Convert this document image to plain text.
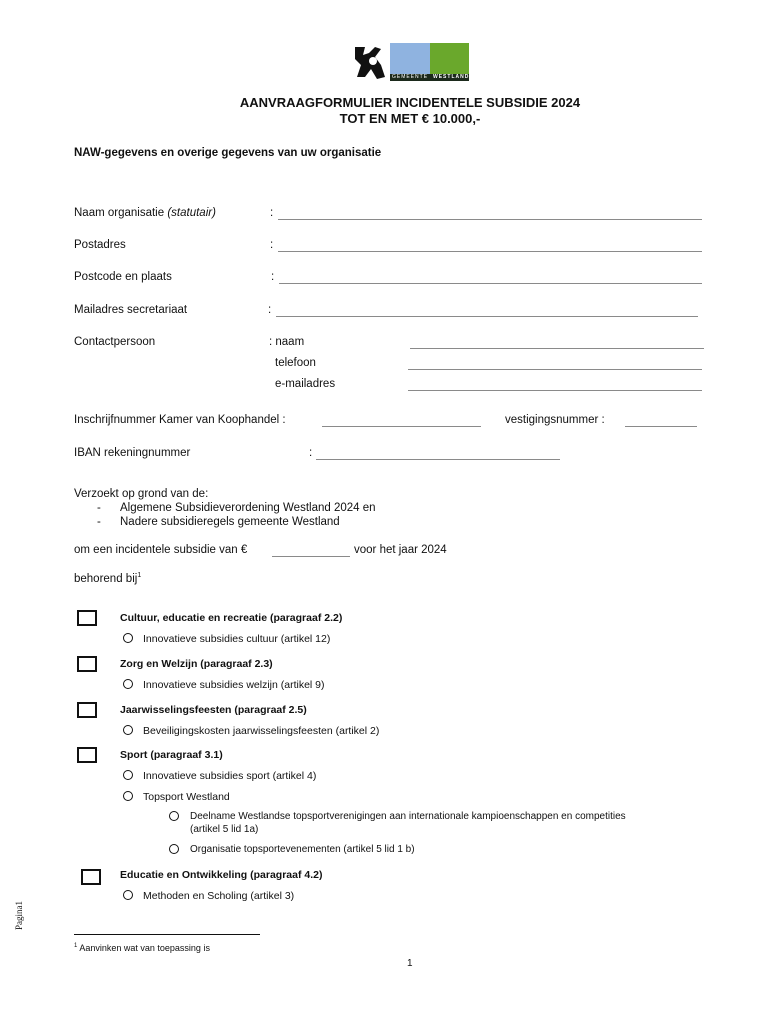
GEMEENTE WESTLAND
AANVRAAGFORMULIER INCIDENTELE SUBSIDIE 2024
TOT EN MET € 10.000,-
NAW-gegevens en overige gegevens van uw organisatie
Naam organisatie (statutair)	:
Postadres	:
Postcode en plaats	:
Mailadres secretariaat	:
Contactpersoon	: naam
telefoon
e-mailadres
Inschrijfnummer Kamer van Koophandel :	vestigingsnummer :
IBAN rekeningnummer	:
Verzoekt op grond van de:
- Algemene Subsidieverordening Westland 2024 en
- Nadere subsidieregels gemeente Westland
om een incidentele subsidie van €	voor het jaar 2024
behorend bij$^1$
Cultuur, educatie en recreatie (paragraaf 2.2)
Innovatieve subsidies cultuur (artikel 12)
Zorg en Welzijn (paragraaf 2.3)
Innovatieve subsidies welzijn (artikel 9)
Jaarwisselingsfeesten (paragraaf 2.5)
Beveiligingskosten jaarwisselingsfeesten (artikel 2)
Sport (paragraaf 3.1)
Innovatieve subsidies sport (artikel 4)
Topsport Westland
Deelname Westlandse topsportverenigingen aan internationale kampioenschappen en competities
(artikel 5 lid 1a)
Organisatie topsportevenementen (artikel 5 lid 1 b)
Educatie en Ontwikkeling (paragraaf 4.2)
Methoden en Scholing (artikel 3)
Pagina1
$^1$ Aanvinken wat van toepassing is
1
